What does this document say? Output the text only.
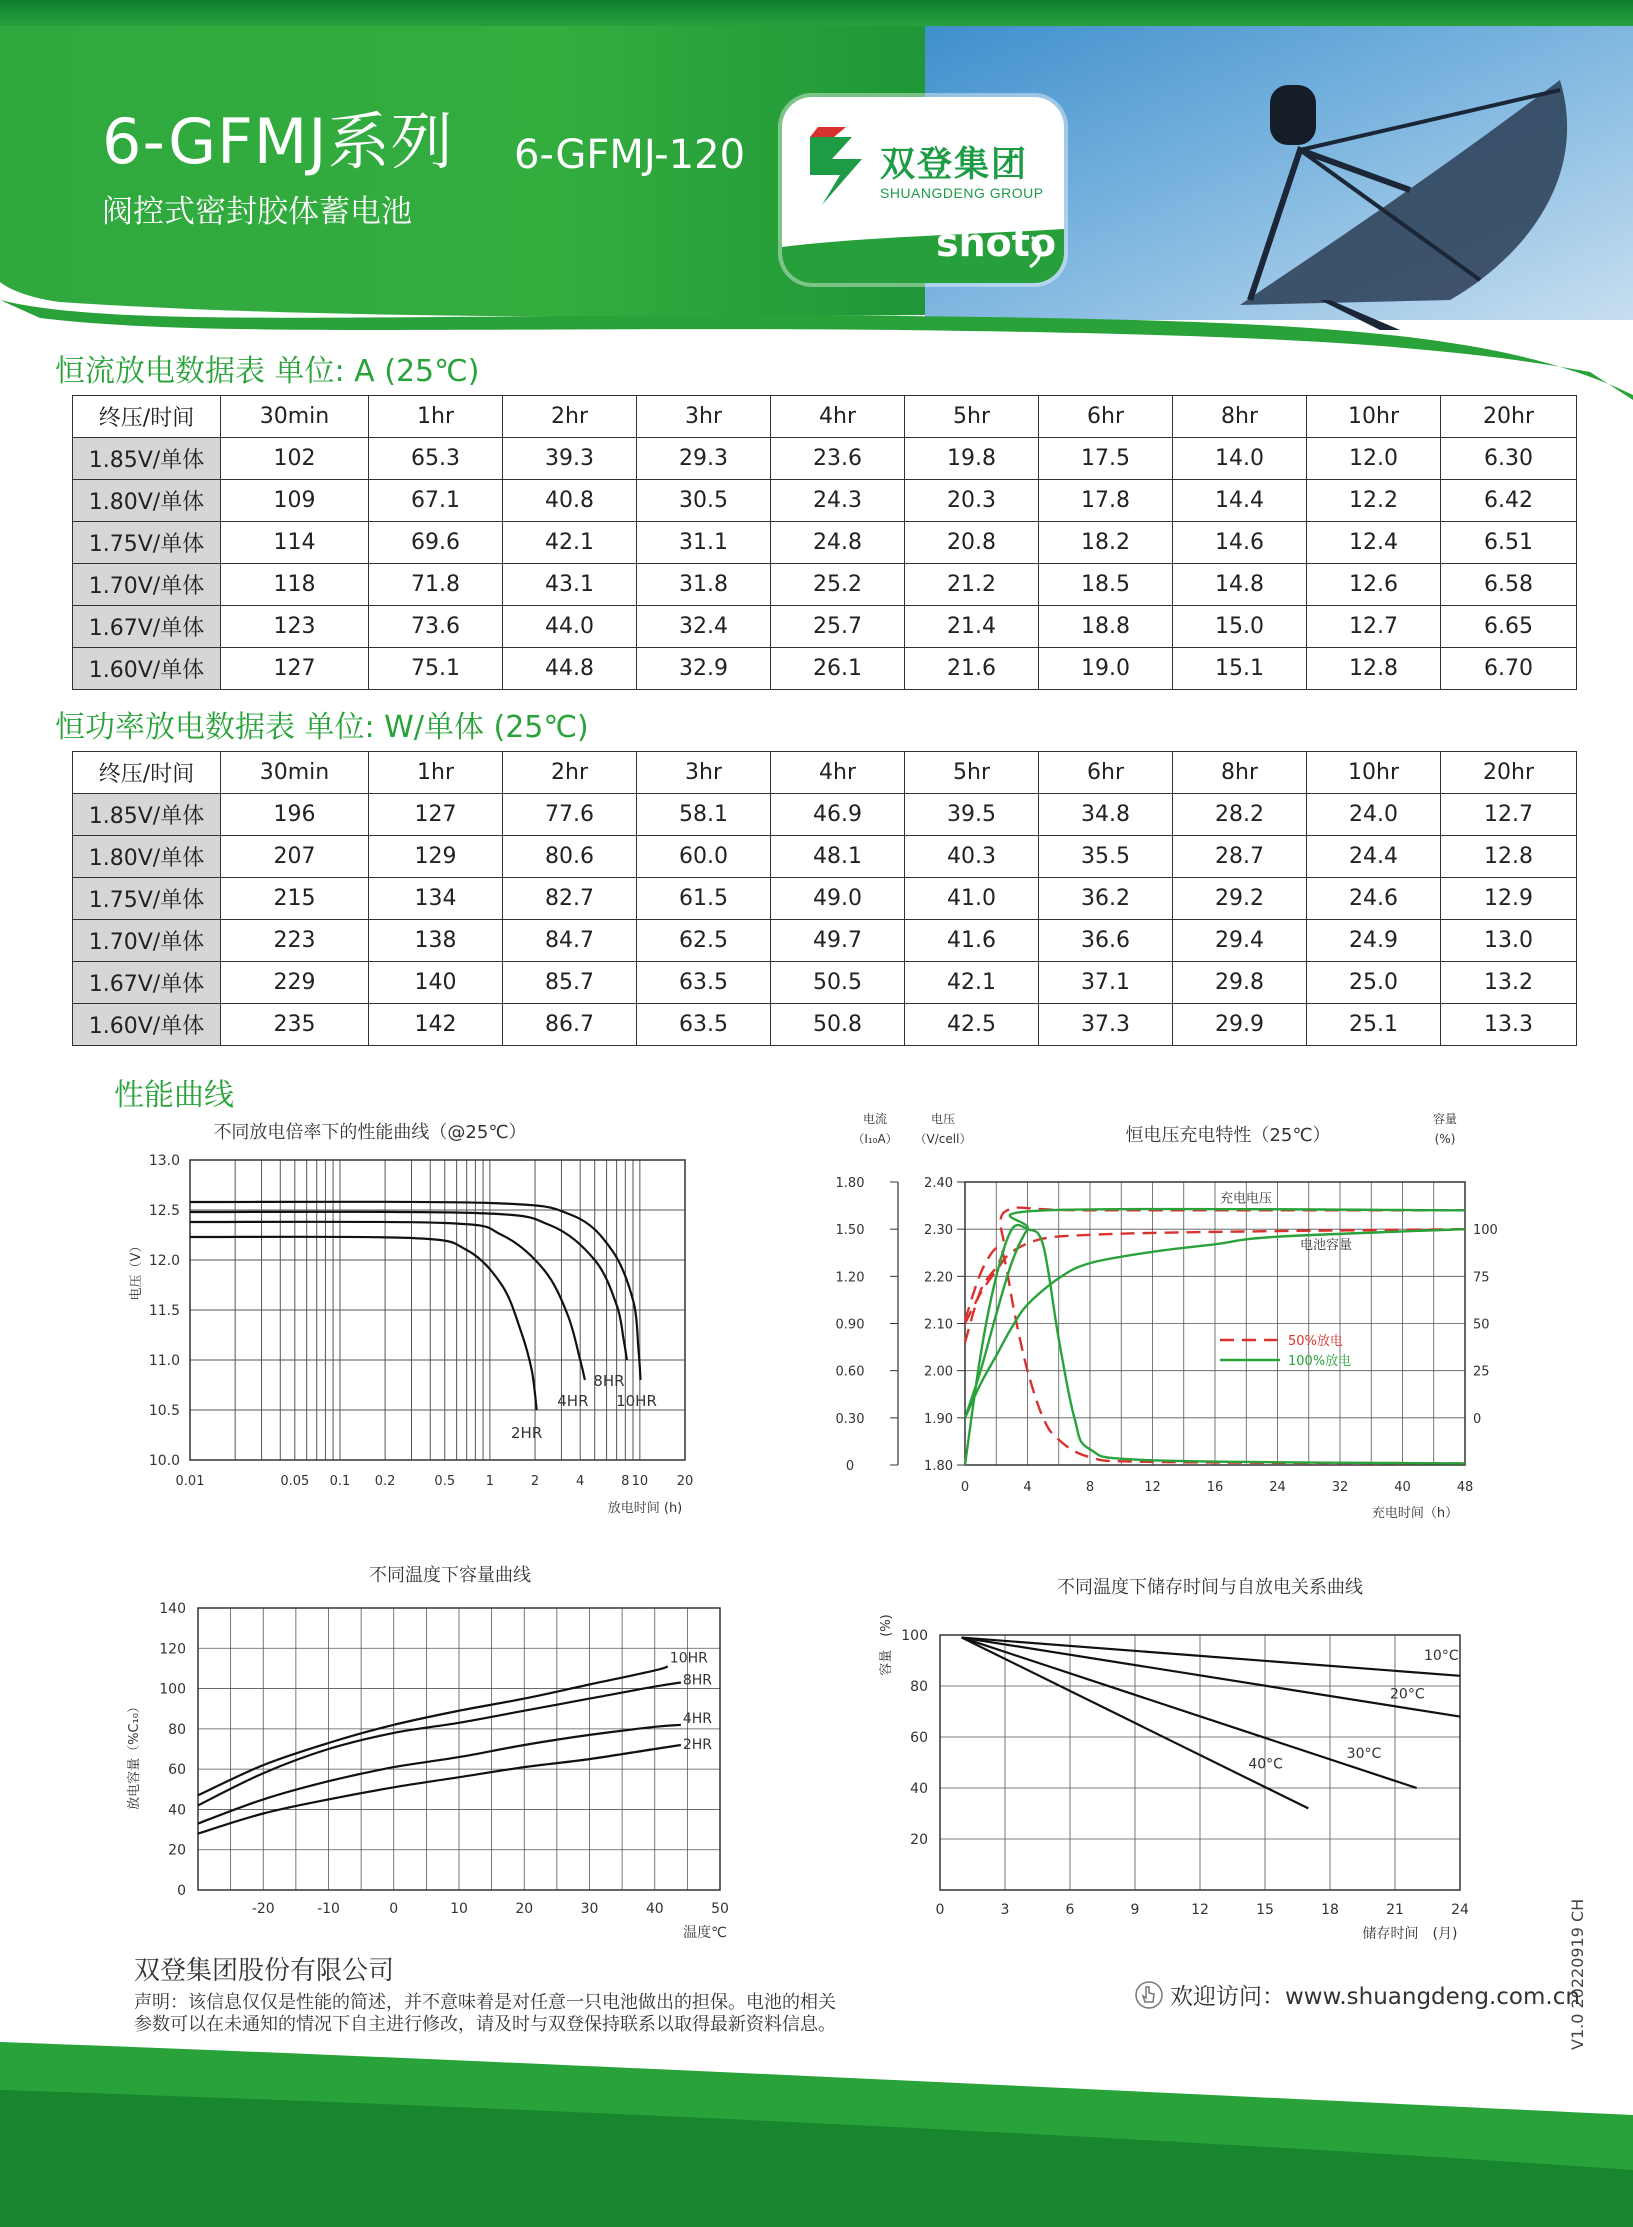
6-GFMJ系列
阀控式密封胶体蓄电池
6-GFMJ-120	双登集团
SHUANGDENG GROUP
shoto
恒流放电数据表 单位: A (25℃)
终压/时间	30min	1hr	2hr	3hr	4hr	5hr	6hr	8hr	10hr	20hr
1.85V/单体	102	65.3	39.3	29.3	23.6	19.8	17.5	14.0	12.0	6.30
1.80V/单体	109	67.1	40.8	30.5	24.3	20.3	17.8	14.4	12.2	6.42
1.75V/单体	114	69.6	42.1	31.1	24.8	20.8	18.2	14.6	12.4	6.51
1.70V/单体	118	71.8	43.1	31.8	25.2	21.2	18.5	14.8	12.6	6.58
1.67V/单体	123	73.6	44.0	32.4	25.7	21.4	18.8	15.0	12.7	6.65
1.60V/单体	127	75.1	44.8	32.9	26.1	21.6	19.0	15.1	12.8	6.70
恒功率放电数据表 单位: W/单体 (25℃)
终压/时间	30min	1hr	2hr	3hr	4hr	5hr	6hr	8hr	10hr	20hr
1.85V/单体	196	127	77.6	58.1	46.9	39.5	34.8	28.2	24.0	12.7
1.80V/单体	207	129	80.6	60.0	48.1	40.3	35.5	28.7	24.4	12.8
1.75V/单体	215	134	82.7	61.5	49.0	41.0	36.2	29.2	24.6	12.9
1.70V/单体	223	138	84.7	62.5	49.7	41.6	36.6	29.4	24.9	13.0
1.67V/单体	229	140	85.7	63.5	50.5	42.1	37.1	29.8	25.0	13.2
1.60V/单体	235	142	86.7	63.5	50.8	42.5	37.3	29.9	25.1	13.3
性能曲线
不同放电倍率下的性能曲线（@25℃）
13.0
12.5
12.0
11.5
11.0
10.5
10.0
0.01	0.05 0.1 0.2	0.5 1	2	4	8 10 20
放电时间 (h)
电压（V）
2HR
4HR
8HR
10HR
恒电压充电特性（25℃）
电流
（I₁₀A）
电压
（V/cell）
容量
(%)
2.40
2.30
2.20
2.10
2.00
1.90
1.80
1.80
1.50
1.20
0.90
0.60
0.30
0
100
75
50
25
0
0	4	8	12	16	24	32	40	48
充电时间（h）
充电电压
电池容量
50%放电
100%放电
不同温度下容量曲线
140
120
100
80
60
40
20
0
-20	-10	0	10	20	30	40	50
温度℃
放电容量（%C₁₀）
10HR
8HR
4HR
2HR
不同温度下储存时间与自放电关系曲线
100
80
60
40
20
0	3	6	9	12	15	18	21	24
储存时间　(月)
容量　(%)	10°C
20°C
30°C
40°C
双登集团股份有限公司
声明：该信息仅仅是性能的简述，并不意味着是对任意一只电池做出的担保。电池的相关
参数可以在未通知的情况下自主进行修改，请及时与双登保持联系以取得最新资料信息。
欢迎访问：www.shuangdeng.com.cn
V1.0 20220919 CH
